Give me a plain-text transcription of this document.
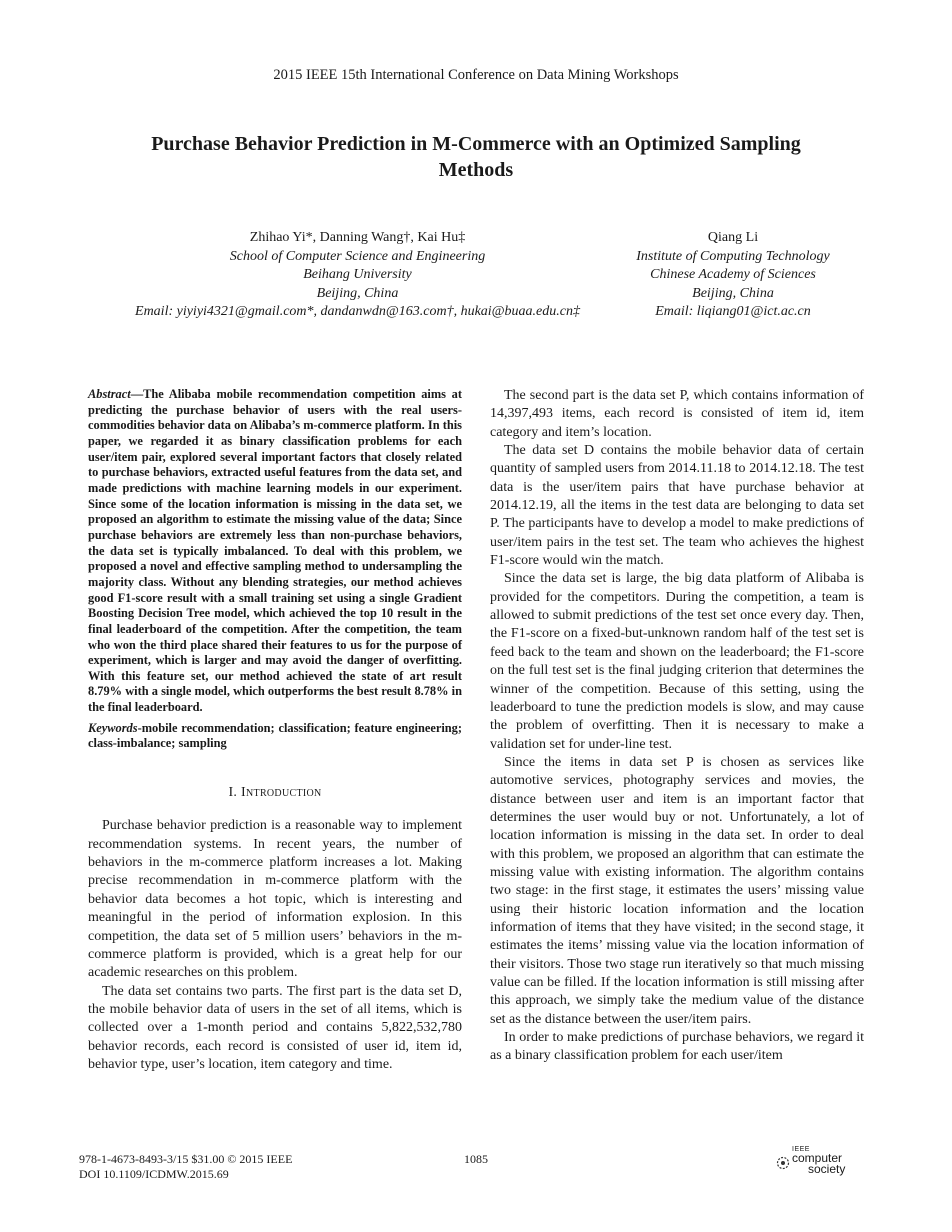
2015 IEEE 15th International Conference on Data Mining Workshops
Purchase Behavior Prediction in M-Commerce with an Optimized Sampling
Methods
Zhihao Yi*, Danning Wang†, Kai Hu‡
School of Computer Science and Engineering
Beihang University
Beijing, China
Email: yiyiyi4321@gmail.com*, dandanwdn@163.com†, hukai@buaa.edu.cn‡
Qiang Li
Institute of Computing Technology
Chinese Academy of Sciences
Beijing, China
Email: liqiang01@ict.ac.cn

Abstract—The Alibaba mobile recommendation competition aims at predicting the purchase behavior of users with the real users-commodities behavior data on Alibaba’s m-commerce platform. In this paper, we regarded it as binary classification problems for each user/item pair, explored several important factors that closely related to purchase behaviors, extracted useful features from the data set, and made predictions with machine learning models in our experiment. Since some of the location information is missing in the data set, we proposed an algorithm to estimate the missing value of the data; Since purchase behaviors are extremely less than non-purchase behaviors, the data set is typically imbalanced. To deal with this problem, we proposed a novel and effective sampling method to undersampling the majority class. Without any blending strategies, our method achieves good F1-score result with a small training set using a single Gradient Boosting Decision Tree model, which achieved the top 10 result in the final leaderboard of the competition. After the competition, the team who won the third place shared their features to us for the purpose of experiment, which is larger and may avoid the danger of overfitting. With this feature set, our method achieved the state of art result 8.79% with a single model, which outperforms the best result 8.78% in the final leaderboard.

Keywords-mobile recommendation; classification; feature engineering; class-imbalance; sampling

I. Introduction

Purchase behavior prediction is a reasonable way to implement recommendation systems. In recent years, the number of behaviors in the m-commerce platform increases a lot. Making precise recommendation in m-commerce platform with the behavior data becomes a hot topic, which is interesting and meaningful in the period of information explosion. In this competition, the data set of 5 million users’ behaviors in the m-commerce platform is provided, which is a great help for our academic researches on this problem.

The data set contains two parts. The first part is the data set D, the mobile behavior data of users in the set of all items, which is collected over a 1-month period and contains 5,822,532,780 behavior records, each record is consisted of user id, item id, behavior type, user’s location, item category and time.

The second part is the data set P, which contains information of 14,397,493 items, each record is consisted of item id, item category and item’s location.

The data set D contains the mobile behavior data of certain quantity of sampled users from 2014.11.18 to 2014.12.18. The test data is the user/item pairs that have purchase behavior at 2014.12.19, all the items in the test data are belonging to data set P. The participants have to develop a model to make predictions of user/item pairs in the test set. The team who achieves the highest F1-score would win the match.

Since the data set is large, the big data platform of Alibaba is provided for the competitors. During the competition, a team is allowed to submit predictions of the test set once every day. Then, the F1-score on a fixed-but-unknown random half of the test set is feed back to the team and shown on the leaderboard; the F1-score on the full test set is the final judging criterion that determines the winner of the competition. Because of this setting, using the leaderboard to tune the prediction models is slow, and may cause the problem of overfitting. Then it is necessary to make a validation set for under-line test.

Since the items in data set P is chosen as services like automotive services, photography services and movies, the distance between user and item is an important factor that determines the user would buy or not. Unfortunately, a lot of location information is missing in the data set. In order to deal with this problem, we proposed an algorithm that can estimate the missing value with existing information. The algorithm contains two stage: in the first stage, it estimates the users’ missing value using their historic location information and the location information of items that they have visited; in the second stage, it estimates the items’ missing value via the location information of their visitors. Those two stage run iteratively so that much missing value can be filled. If the location information is still missing after this approach, we simply take the medium value of the distance set as the distance between the user/item pairs.

In order to make predictions of purchase behaviors, we regard it as a binary classification problem for each user/item

978-1-4673-8493-3/15 $31.00 © 2015 IEEE
DOI 10.1109/ICDMW.2015.69
1085
IEEE
computer
society
